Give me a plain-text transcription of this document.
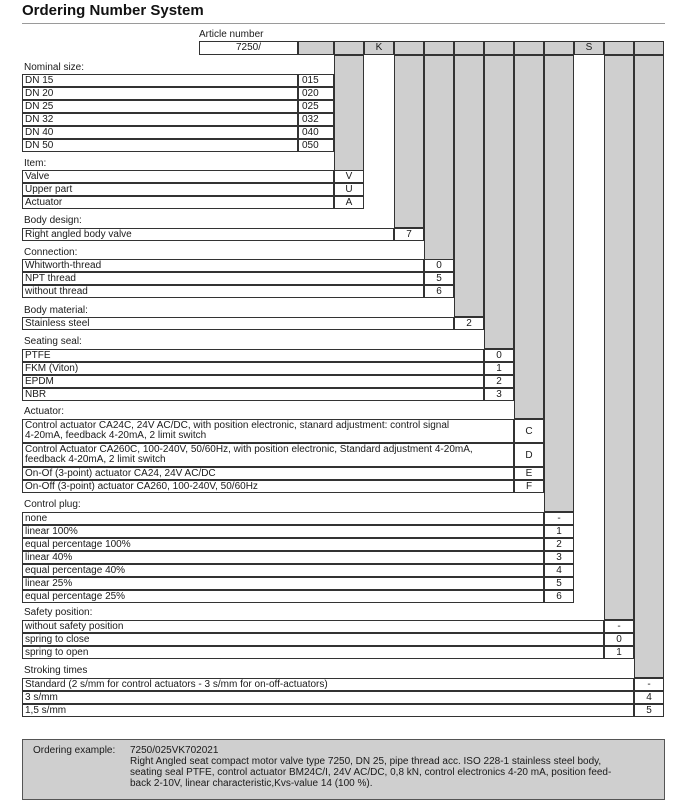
Ordering Number System
Article number
7250/	K	S
Nominal size:
DN 15	015
DN 20	020
DN 25	025
DN 32	032
DN 40	040
DN 50	050
Item:
Valve	V
Upper part	U
Actuator	A
Body design:
Right angled body valve	7
Connection:
Whitworth-thread	0
NPT thread	5
without thread	6
Body material:
Stainless steel	2
Seating seal:
PTFE	0
FKM (Viton)	1
EPDM	2
NBR	3
Actuator:
Control actuator CA24C, 24V AC/DC, with position electronic, stanard adjustment: control signal
4-20mA, feedback 4-20mA, 2 limit switch	C
Control Actuator CA260C, 100-240V, 50/60Hz, with position electronic, Standard adjustment 4-20mA,
feedback 4-20mA, 2 limit switch	D
On-Of (3-point) actuator CA24, 24V AC/DC	E
On-Off (3-point) actuator CA260, 100-240V, 50/60Hz	F
Control plug:
none	-
linear 100%	1
equal percentage 100%	2
linear 40%	3
equal percentage 40%	4
linear 25%	5
equal percentage 25%	6
Safety position:
without safety position	-
spring to close	0
spring to open	1
Stroking times
Standard (2 s/mm for control actuators - 3 s/mm for on-off-actuators)	-
3 s/mm	4
1,5 s/mm	5
Ordering example: 7250/025VK702021
Right Angled seat compact motor valve type 7250, DN 25, pipe thread acc. ISO 228-1 stainless steel body,
seating seal PTFE, control actuator BM24C/I, 24V AC/DC, 0,8 kN, control electronics 4-20 mA, position feed-
back 2-10V, linear characteristic,Kvs-value 14 (100 %).
